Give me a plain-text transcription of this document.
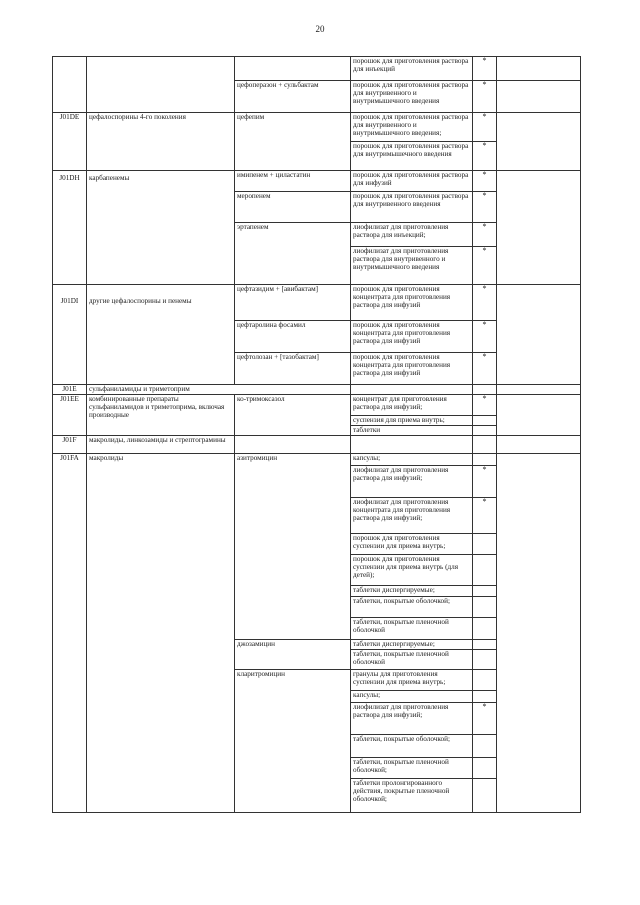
20
			порошок для приготовления раствора для инъекций	*	
		цефоперазон + сульбактам	порошок для приготовления раствора для внутривенного и внутримышечного введения	*	
J01DE	цефалоспорины 4-го поколения	цефепим	порошок для приготовления раствора для внутривенного и внутримышечного введения;	*	
			порошок для приготовления раствора для внутримышечного введения	*	
J01DH	карбапенемы	имипенем + циластатин	порошок для приготовления раствора для инфузий	*	
		меропенем	порошок для приготовления раствора для внутривенного введения	*	
		эртапенем	лиофилизат для приготовления раствора для инъекций;	*	
			лиофилизат для приготовления раствора для внутривенного и внутримышечного введения	*	
J01DI	другие цефалоспорины и пенемы	цефтазидим + [авибактам]	порошок для приготовления концентрата для приготовления раствора для инфузий	*	
		цефтаролина фосамил	порошок для приготовления концентрата для приготовления раствора для инфузий	*	
		цефтолозан + [тазобактам]	порошок для приготовления концентрата для приготовления раствора для инфузий	*	
J01E	сульфаниламиды и триметоприм				
J01EE	комбинированные препараты сульфаниламидов и триметоприма, включая производные	ко-тримоксазол	концентрат для приготовления раствора для инфузий;	*	
			суспензия для приема внутрь;		
			таблетки		
J01F	макролиды, линкозамиды и стрептограмины				
J01FA	макролиды	азитромицин	капсулы;		
			лиофилизат для приготовления раствора для инфузий;	*	
			лиофилизат для приготовления концентрата для приготовления раствора для инфузий;	*	
			порошок для приготовления суспензии для приема внутрь;		
			порошок для приготовления суспензии для приема внутрь (для детей);		
			таблетки диспергируемые;		
			таблетки, покрытые оболочкой;		
			таблетки, покрытые пленочной оболочкой		
		джозамицин	таблетки диспергируемые;		
			таблетки, покрытые пленочной оболочкой		
		кларитромицин	гранулы для приготовления суспензии для приема внутрь;		
			капсулы;		
			лиофилизат для приготовления раствора для инфузий;	*	
			таблетки, покрытые оболочкой;		
			таблетки, покрытые пленочной оболочкой;		
			таблетки пролонгированного действия, покрытые пленочной оболочкой;		
